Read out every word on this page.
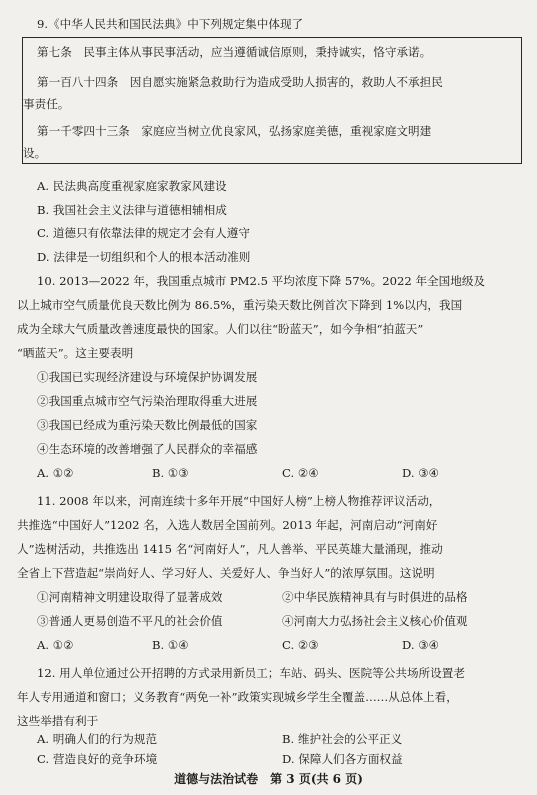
9.《中华人民共和国民法典》中下列规定集中体现了
第七条　民事主体从事民事活动，应当遵循诚信原则，秉持诚实，恪守承诺。
第一百八十四条　因自愿实施紧急救助行为造成受助人损害的，救助人不承担民
事责任。
第一千零四十三条　家庭应当树立优良家风，弘扬家庭美德，重视家庭文明建
设。
A. 民法典高度重视家庭家教家风建设
B. 我国社会主义法律与道德相辅相成
C. 道德只有依靠法律的规定才会有人遵守
D. 法律是一切组织和个人的根本活动准则
10. 2013—2022 年，我国重点城市 PM2.5 平均浓度下降 57%。2022 年全国地级及
以上城市空气质量优良天数比例为 86.5%，重污染天数比例首次下降到 1%以内，我国
成为全球大气质量改善速度最快的国家。人们以往“盼蓝天”，如今争相“拍蓝天”
“晒蓝天”。这主要表明
①我国已实现经济建设与环境保护协调发展
②我国重点城市空气污染治理取得重大进展
③我国已经成为重污染天数比例最低的国家
④生态环境的改善增强了人民群众的幸福感
A. ①②	B. ①③	C. ②④	D. ③④
11. 2008 年以来，河南连续十多年开展“中国好人榜”上榜人物推荐评议活动，
共推选“中国好人”1202 名，入选人数居全国前列。2013 年起，河南启动“河南好
人”选树活动，共推选出 1415 名“河南好人”，凡人善举、平民英雄大量涌现，推动
全省上下营造起“崇尚好人、学习好人、关爱好人、争当好人”的浓厚氛围。这说明
①河南精神文明建设取得了显著成效	②中华民族精神具有与时俱进的品格
③普通人更易创造不平凡的社会价值	④河南大力弘扬社会主义核心价值观
A. ①②	B. ①④	C. ②③	D. ③④
12. 用人单位通过公开招聘的方式录用新员工；车站、码头、医院等公共场所设置老
年人专用通道和窗口；义务教育“两免一补”政策实现城乡学生全覆盖……从总体上看，
这些举措有利于
A. 明确人们的行为规范	B. 维护社会的公平正义
C. 营造良好的竞争环境	D. 保障人们各方面权益
道德与法治试卷　第 3 页(共 6 页)
